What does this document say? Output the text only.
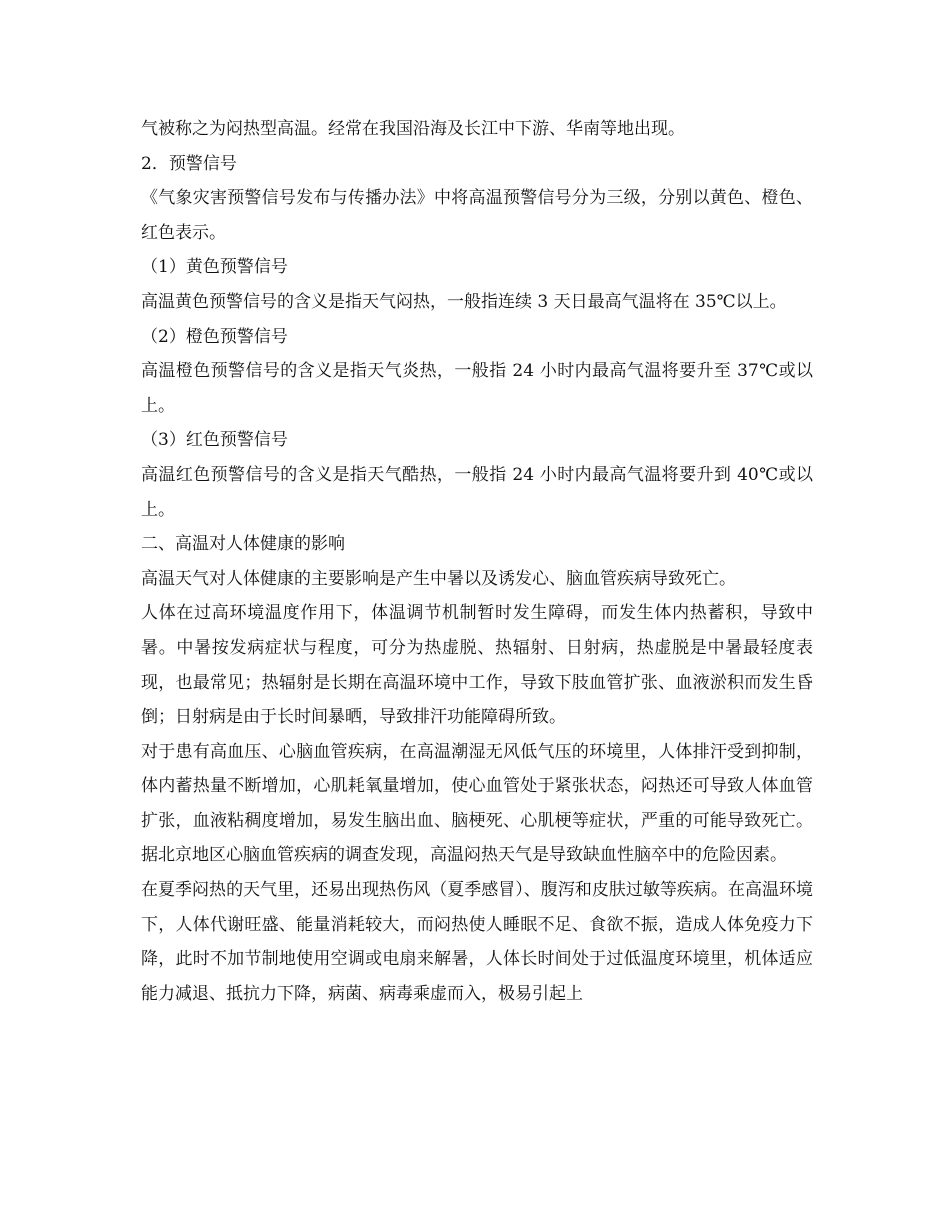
气被称之为闷热型高温。经常在我国沿海及长江中下游、华南等地出现。

2．预警信号

《气象灾害预警信号发布与传播办法》中将高温预警信号分为三级，分别以黄色、橙色、红色表示。

（1）黄色预警信号

高温黄色预警信号的含义是指天气闷热，一般指连续 3 天日最高气温将在 35℃以上。

（2）橙色预警信号

高温橙色预警信号的含义是指天气炎热，一般指 24 小时内最高气温将要升至 37℃或以上。

（3）红色预警信号

高温红色预警信号的含义是指天气酷热，一般指 24 小时内最高气温将要升到 40℃或以上。

二、高温对人体健康的影响

高温天气对人体健康的主要影响是产生中暑以及诱发心、脑血管疾病导致死亡。

人体在过高环境温度作用下，体温调节机制暂时发生障碍，而发生体内热蓄积，导致中暑。中暑按发病症状与程度，可分为热虚脱、热辐射、日射病，热虚脱是中暑最轻度表现，也最常见；热辐射是长期在高温环境中工作，导致下肢血管扩张、血液淤积而发生昏倒；日射病是由于长时间暴晒，导致排汗功能障碍所致。

对于患有高血压、心脑血管疾病，在高温潮湿无风低气压的环境里，人体排汗受到抑制，体内蓄热量不断增加，心肌耗氧量增加，使心血管处于紧张状态，闷热还可导致人体血管扩张，血液粘稠度增加，易发生脑出血、脑梗死、心肌梗等症状，严重的可能导致死亡。据北京地区心脑血管疾病的调查发现，高温闷热天气是导致缺血性脑卒中的危险因素。

在夏季闷热的天气里，还易出现热伤风（夏季感冒）、腹泻和皮肤过敏等疾病。在高温环境下，人体代谢旺盛、能量消耗较大，而闷热使人睡眠不足、食欲不振，造成人体免疫力下降，此时不加节制地使用空调或电扇来解暑，人体长时间处于过低温度环境里，机体适应能力减退、抵抗力下降，病菌、病毒乘虚而入，极易引起上
